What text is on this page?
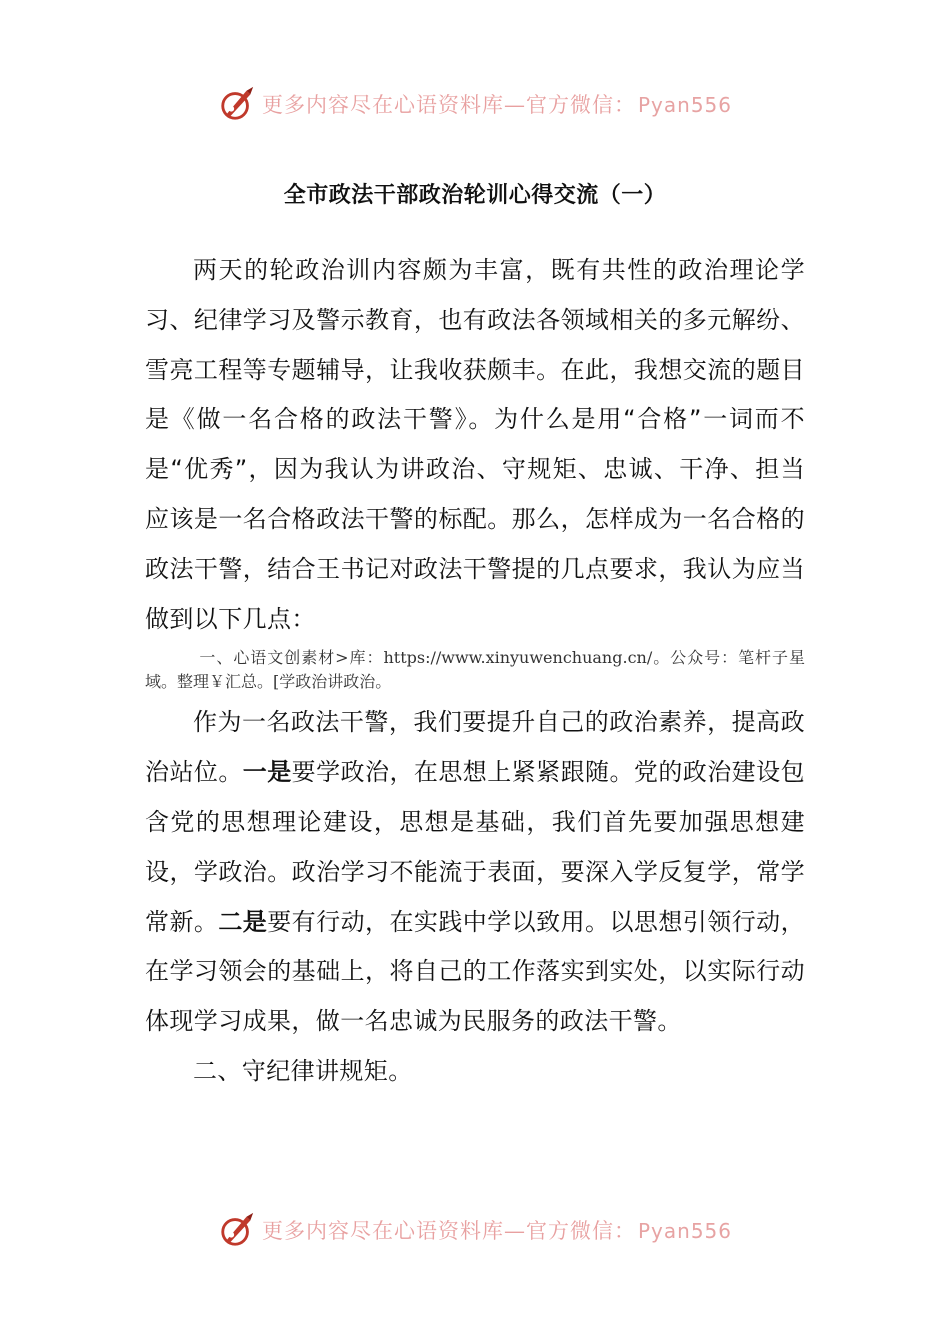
更多内容尽在心语资料库—官方微信： Pyan556
全市政法干部政治轮训心得交流（一）

两天的轮政治训内容颇为丰富，既有共性的政治理论学习、纪律学习及警示教育，也有政法各领域相关的多元解纷、雪亮工程等专题辅导，让我收获颇丰。在此，我想交流的题目是《做一名合格的政法干警》。为什么是用“合格”一词而不是“优秀”，因为我认为讲政治、守规矩、忠诚、干净、担当应该是一名合格政法干警的标配。那么，怎样成为一名合格的政法干警，结合王书记对政法干警提的几点要求，我认为应当做到以下几点：

一、心语文创素材>库：https://www.xinyuwenchuang.cn/。公众号：笔杆子星域。整理￥汇总。[学政治讲政治。

作为一名政法干警，我们要提升自己的政治素养，提高政治站位。一是要学政治，在思想上紧紧跟随。党的政治建设包含党的思想理论建设，思想是基础，我们首先要加强思想建设，学政治。政治学习不能流于表面，要深入学反复学，常学常新。二是要有行动，在实践中学以致用。以思想引领行动，在学习领会的基础上，将自己的工作落实到实处，以实际行动体现学习成果，做一名忠诚为民服务的政法干警。

二、守纪律讲规矩。

更多内容尽在心语资料库—官方微信： Pyan556
